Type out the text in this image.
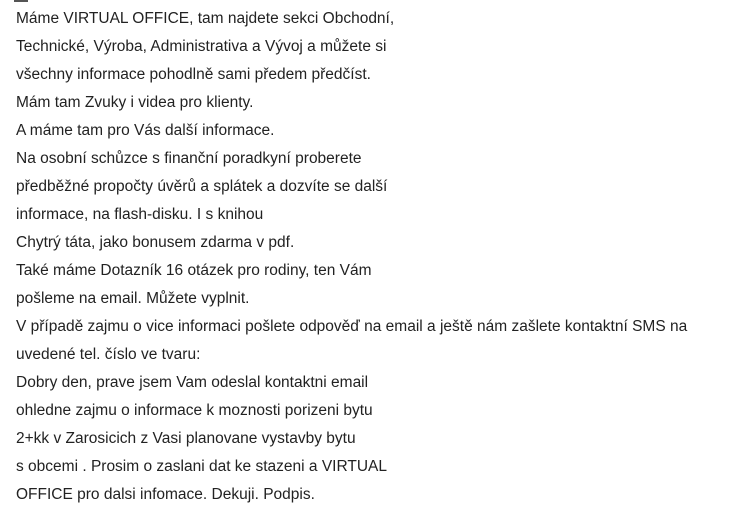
Máme VIRTUAL OFFICE, tam najdete sekci Obchodní,
Technické, Výroba, Administrativa a Vývoj a můžete si
všechny informace pohodlně sami předem předčíst.
Mám tam Zvuky i videa pro klienty.
A máme tam pro Vás další informace.
Na osobní schůzce s finanční poradkyní proberete
předběžné propočty úvěrů a splátek a dozvíte se další
informace, na flash-disku. I s knihou
Chytrý táta, jako bonusem zdarma v pdf.
Také máme Dotazník 16 otázek pro rodiny, ten Vám
pošleme na email. Můžete vyplnit.
V případě zajmu o vice informaci pošlete odpověď na email a ještě nám zašlete kontaktní SMS na
uvedené tel. číslo ve tvaru:
Dobry den, prave jsem Vam odeslal kontaktni email
ohledne zajmu o informace k moznosti porizeni bytu
2+kk v Zarosicich z Vasi planovane vystavby bytu
s obcemi . Prosim o zaslani dat ke stazeni a VIRTUAL
OFFICE pro dalsi infomace. Dekuji. Podpis.
